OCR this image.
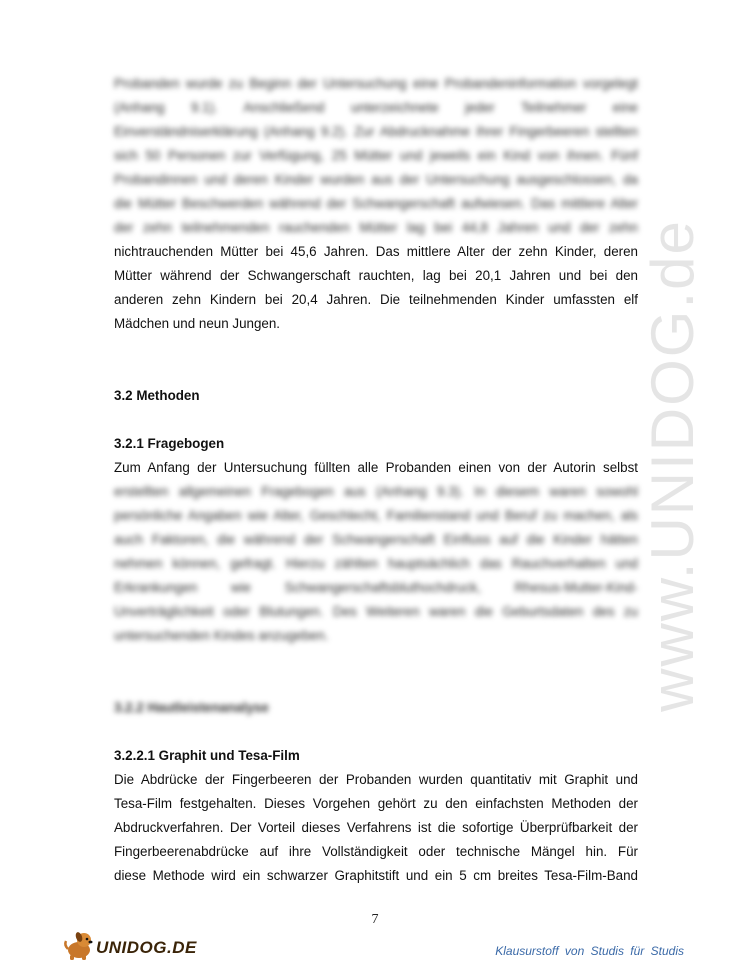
www.UNIDOG.de
Probanden wurde zu Beginn der Untersuchung eine Probandeninformation vorgelegt
(Anhang 9.1). Anschließend unterzeichnete jeder Teilnehmer eine
Einverständniserklärung (Anhang 9.2). Zur Abdrucknahme ihrer Fingerbeeren stellten
sich 50 Personen zur Verfügung, 25 Mütter und jeweils ein Kind von ihnen. Fünf
Probandinnen und deren Kinder wurden aus der Untersuchung ausgeschlossen, da
die Mütter Beschwerden während der Schwangerschaft aufwiesen. Das mittlere Alter
der zehn teilnehmenden rauchenden Mütter lag bei 44,8 Jahren und der zehn
nichtrauchenden Mütter bei 45,6 Jahren. Das mittlere Alter der zehn Kinder, deren
Mütter während der Schwangerschaft rauchten, lag bei 20,1 Jahren und bei den
anderen zehn Kindern bei 20,4 Jahren. Die teilnehmenden Kinder umfassten elf
Mädchen und neun Jungen.
3.2 Methoden
3.2.1 Fragebogen
Zum Anfang der Untersuchung füllten alle Probanden einen von der Autorin selbst
erstellten allgemeinen Fragebogen aus (Anhang 9.3). In diesem waren sowohl
persönliche Angaben wie Alter, Geschlecht, Familienstand und Beruf zu machen, als
auch Faktoren, die während der Schwangerschaft Einfluss auf die Kinder hätten
nehmen können, gefragt. Hierzu zählten hauptsächlich das Rauchverhalten und
Erkrankungen wie Schwangerschaftsbluthochdruck, Rhesus-Mutter-Kind-
Unverträglichkeit oder Blutungen. Des Weiteren waren die Geburtsdaten des zu
untersuchenden Kindes anzugeben.
3.2.2 Hautleistenanalyse
3.2.2.1 Graphit und Tesa-Film
Die Abdrücke der Fingerbeeren der Probanden wurden quantitativ mit Graphit und
Tesa-Film festgehalten. Dieses Vorgehen gehört zu den einfachsten Methoden der
Abdruckverfahren. Der Vorteil dieses Verfahrens ist die sofortige Überprüfbarkeit der
Fingerbeerenabdrücke auf ihre Vollständigkeit oder technische Mängel hin. Für
diese Methode wird ein schwarzer Graphitstift und ein 5 cm breites Tesa-Film-Band
7
UNIDOG.DE	Klausurstoff von Studis für Studis
